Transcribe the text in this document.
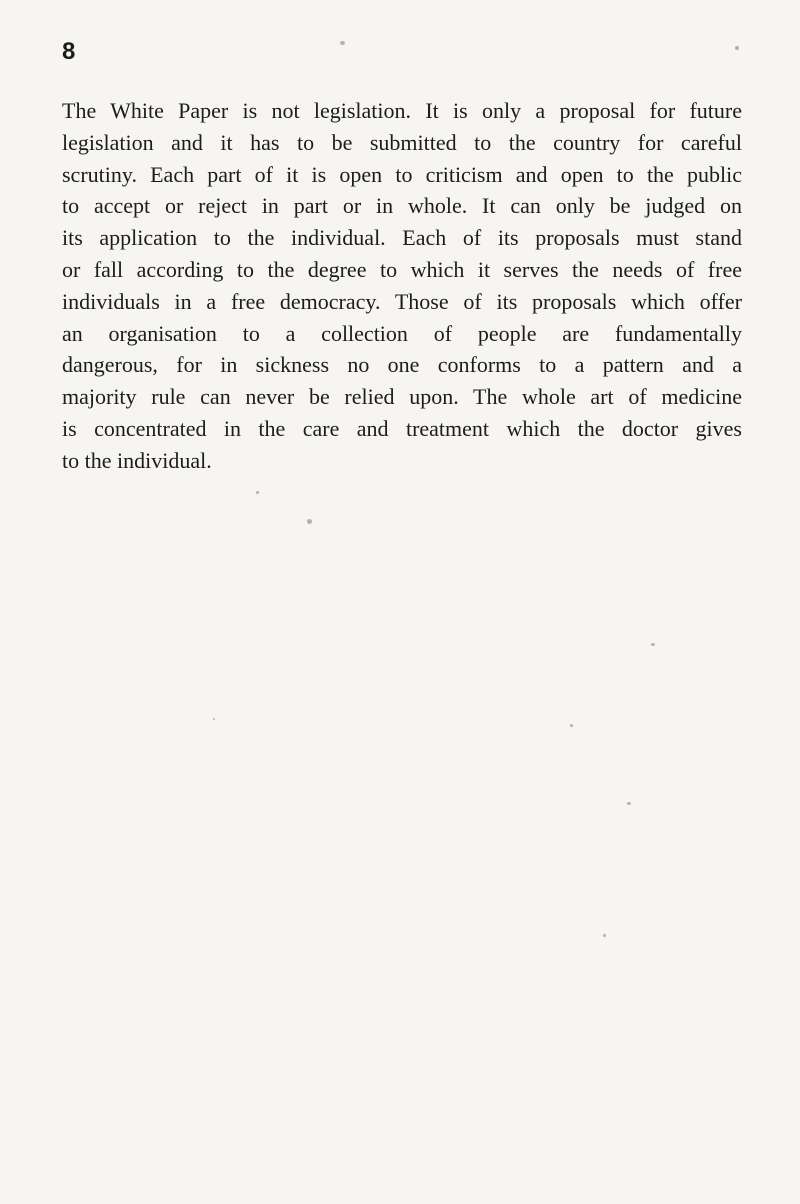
8
The White Paper is not legislation. It is only a proposal for future
legislation and it has to be submitted to the country for careful
scrutiny. Each part of it is open to criticism and open to the public
to accept or reject in part or in whole. It can only be judged on
its application to the individual. Each of its proposals must stand
or fall according to the degree to which it serves the needs of free
individuals in a free democracy. Those of its proposals which offer
an organisation to a collection of people are fundamentally
dangerous, for in sickness no one conforms to a pattern and a
majority rule can never be relied upon. The whole art of medicine
is concentrated in the care and treatment which the doctor gives
to the individual.
